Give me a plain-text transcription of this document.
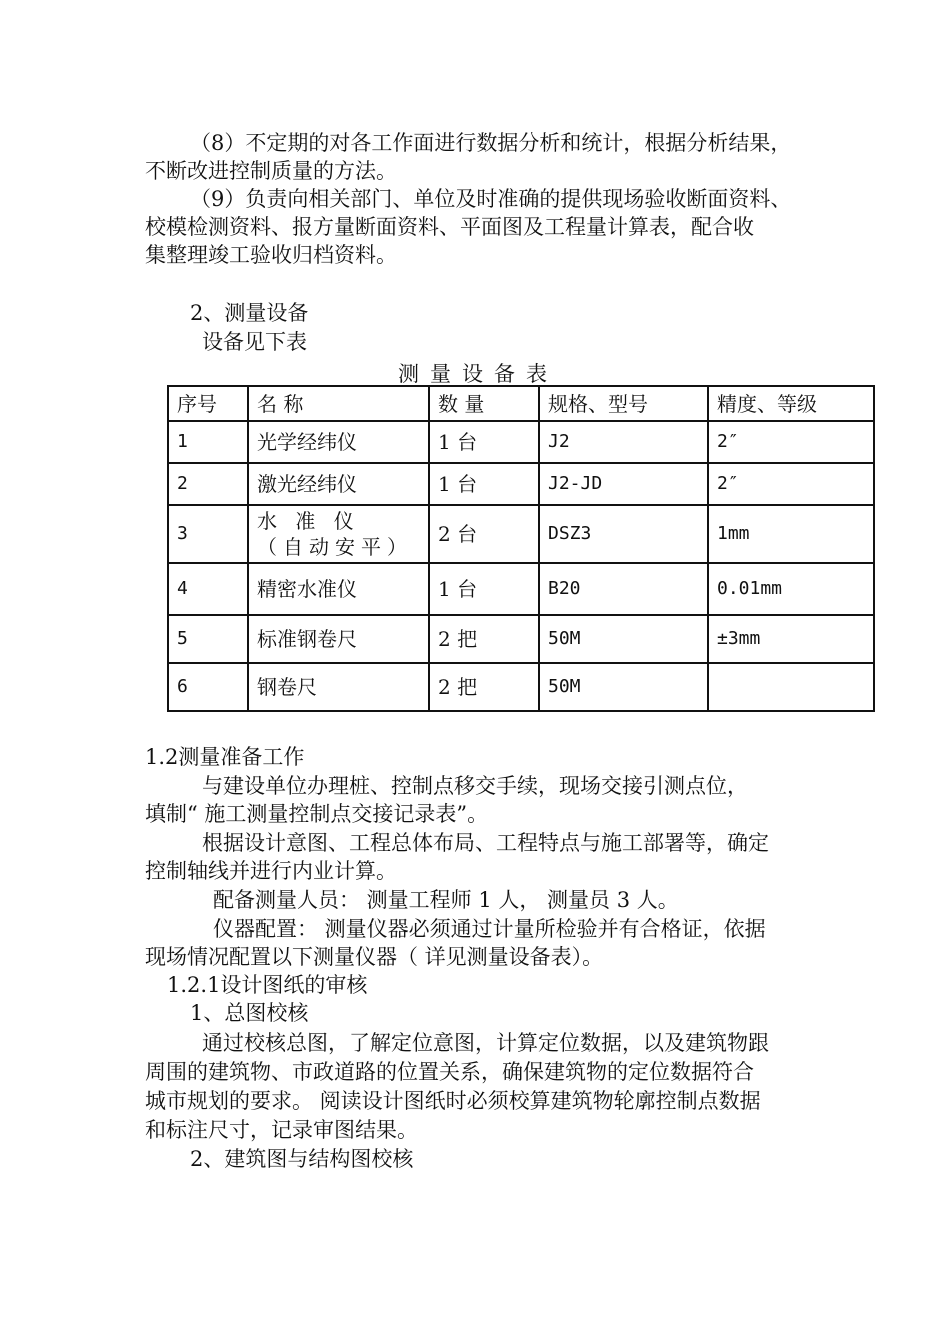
（8）不定期的对各工作面进行数据分析和统计，根据分析结果，
不断改进控制质量的方法。
（9）负责向相关部门、单位及时准确的提供现场验收断面资料、
校模检测资料、报方量断面资料、平面图及工程量计算表，配合收
集整理竣工验收归档资料。
2、测量设备
设备见下表
测量设备表
序号	名 称	数 量	规格、型号	精度、等级
1	光学经纬仪	1 台	J2	2″
2	激光经纬仪	1 台	J2-JD	2″
3	水 准 仪 （自动安平）	2 台	DSZ3	1mm
4	精密水准仪	1 台	B20	0.01mm
5	标准钢卷尺	2 把	50M	±3mm
6	钢卷尺	2 把	50M	
1.2测量准备工作
与建设单位办理桩、控制点移交手续，现场交接引测点位，
填制“ 施工测量控制点交接记录表”。
根据设计意图、工程总体布局、工程特点与施工部署等，确定
控制轴线并进行内业计算。
配备测量人员： 测量工程师 1 人， 测量员 3 人。
仪器配置： 测量仪器必须通过计量所检验并有合格证，依据
现场情况配置以下测量仪器（ 详见测量设备表）。
1.2.1设计图纸的审核
1、总图校核
通过校核总图，了解定位意图，计算定位数据，以及建筑物跟
周围的建筑物、市政道路的位置关系，确保建筑物的定位数据符合
城市规划的要求。 阅读设计图纸时必须校算建筑物轮廓控制点数据
和标注尺寸，记录审图结果。
2、建筑图与结构图校核
